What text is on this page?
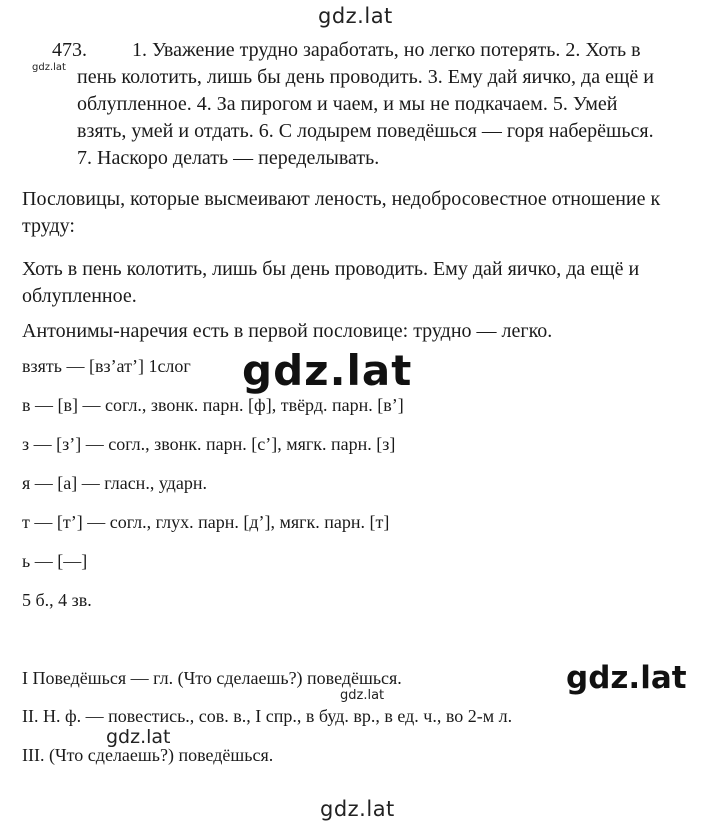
gdz.lat
gdz.lat
473. 1. Уважение трудно заработать, но легко потерять. 2. Хоть в
пень колотить, лишь бы день проводить. 3. Ему дай яичко, да ещё и
облупленное. 4. За пирогом и чаем, и мы не подкачаем. 5. Умей
взять, умей и отдать. 6. С лодырем поведёшься — горя наберёшься.
7. Наскоро делать — переделывать.
Пословицы, которые высмеивают леность, недобросовестное отношение к
труду:
Хоть в пень колотить, лишь бы день проводить. Ему дай яичко, да ещё и
облупленное.
Антонимы-наречия есть в первой пословице: трудно — легко.
взять — [вз’ат’] 1слог gdz.lat
в — [в] — согл., звонк. парн. [ф], твёрд. парн. [в’]
з — [з’] — согл., звонк. парн. [с’], мягк. парн. [з]
я — [а] — гласн., ударн.
т — [т’] — согл., глух. парн. [д’], мягк. парн. [т]
ь — [—]
5 б., 4 зв.
I Поведёшься — гл. (Что сделаешь?) поведёшься.	gdz.lat
gdz.lat
II. Н. ф. — повестись., сов. в., I спр., в буд. вр., в ед. ч., во 2-м л.
gdz.lat
III. (Что сделаешь?) поведёшься.
gdz.lat
